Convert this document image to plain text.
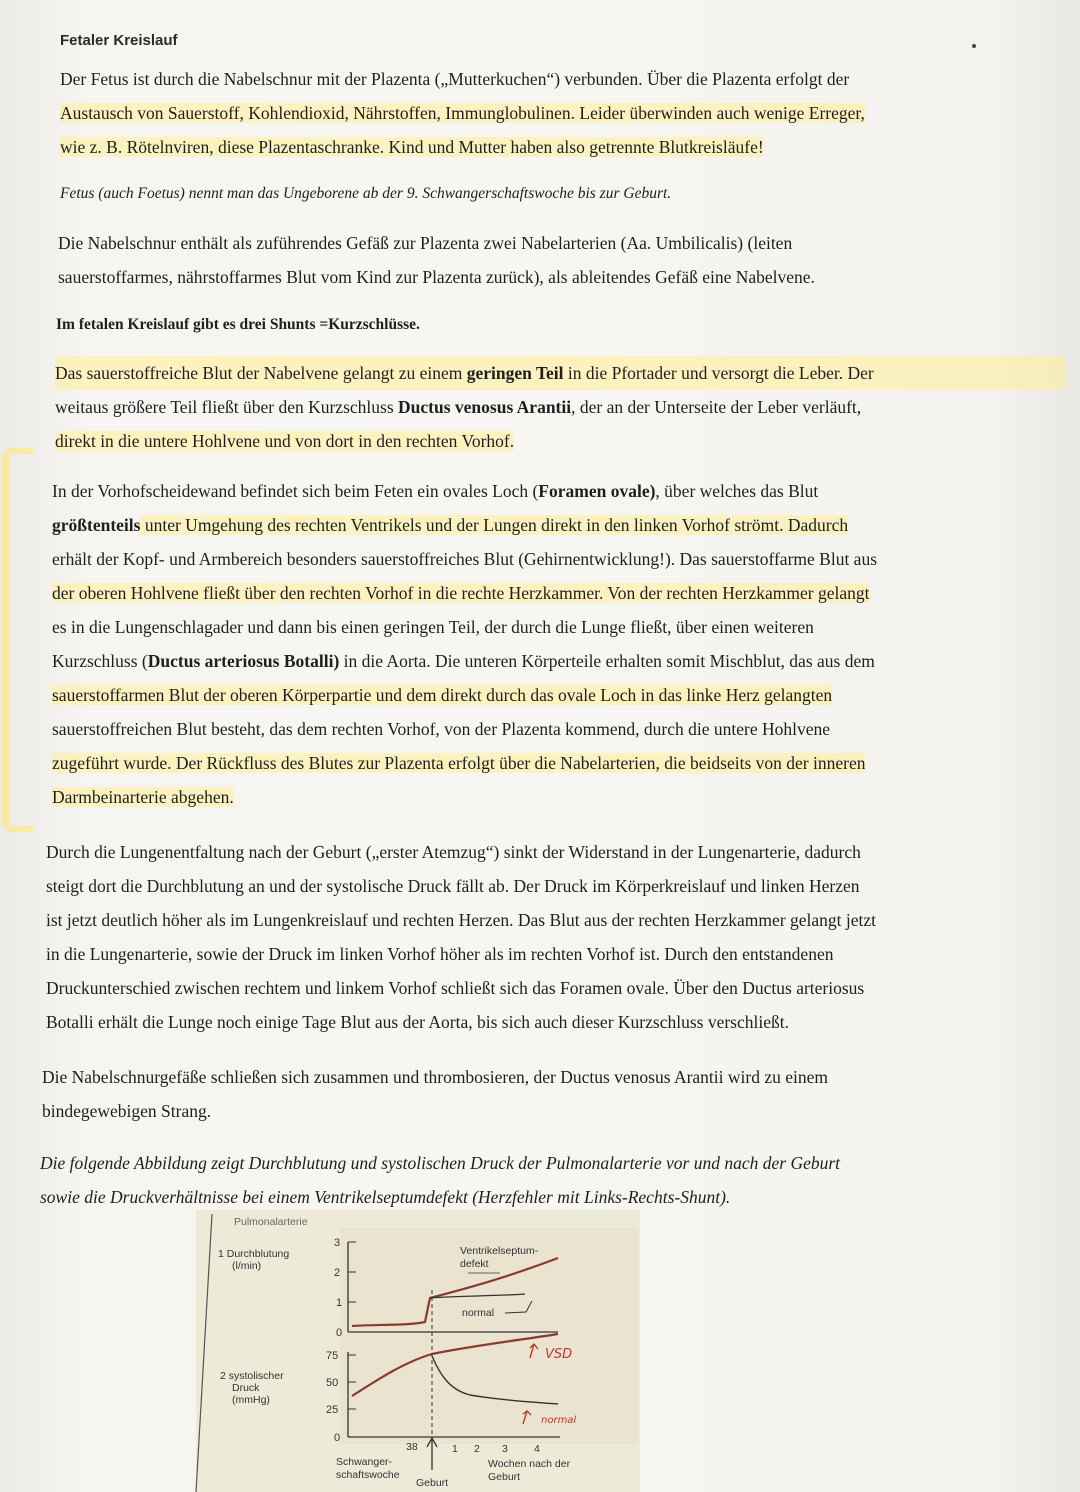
Fetaler Kreislauf

Der Fetus ist durch die Nabelschnur mit der Plazenta („Mutterkuchen“) verbunden. Über die Plazenta erfolgt der

Austausch von Sauerstoff, Kohlendioxid, Nährstoffen, Immunglobulinen. Leider überwinden auch wenige Erreger,

wie z. B. Rötelnviren, diese Plazentaschranke. Kind und Mutter haben also getrennte Blutkreisläufe!

Fetus (auch Foetus) nennt man das Ungeborene ab der 9. Schwangerschaftswoche bis zur Geburt.

Die Nabelschnur enthält als zuführendes Gefäß zur Plazenta zwei Nabelarterien (Aa. Umbilicalis) (leiten

sauerstoffarmes, nährstoffarmes Blut vom Kind zur Plazenta zurück), als ableitendes Gefäß eine Nabelvene.

Im fetalen Kreislauf gibt es drei Shunts =Kurzschlüsse.

Das sauerstoffreiche Blut der Nabelvene gelangt zu einem geringen Teil in die Pfortader und versorgt die Leber. Der

weitaus größere Teil fließt über den Kurzschluss Ductus venosus Arantii, der an der Unterseite der Leber verläuft,

direkt in die untere Hohlvene und von dort in den rechten Vorhof.

In der Vorhofscheidewand befindet sich beim Feten ein ovales Loch (Foramen ovale), über welches das Blut

größtenteils unter Umgehung des rechten Ventrikels und der Lungen direkt in den linken Vorhof strömt. Dadurch

erhält der Kopf- und Armbereich besonders sauerstoffreiches Blut (Gehirnentwicklung!). Das sauerstoffarme Blut aus

der oberen Hohlvene fließt über den rechten Vorhof in die rechte Herzkammer. Von der rechten Herzkammer gelangt

es in die Lungenschlagader und dann bis einen geringen Teil, der durch die Lunge fließt, über einen weiteren

Kurzschluss (Ductus arteriosus Botalli) in die Aorta. Die unteren Körperteile erhalten somit Mischblut, das aus dem

sauerstoffarmen Blut der oberen Körperpartie und dem direkt durch das ovale Loch in das linke Herz gelangten

sauerstoffreichen Blut besteht, das dem rechten Vorhof, von der Plazenta kommend, durch die untere Hohlvene

zugeführt wurde. Der Rückfluss des Blutes zur Plazenta erfolgt über die Nabelarterien, die beidseits von der inneren

Darmbeinarterie abgehen.

Durch die Lungenentfaltung nach der Geburt („erster Atemzug“) sinkt der Widerstand in der Lungenarterie, dadurch

steigt dort die Durchblutung an und der systolische Druck fällt ab. Der Druck im Körperkreislauf und linken Herzen

ist jetzt deutlich höher als im Lungenkreislauf und rechten Herzen. Das Blut aus der rechten Herzkammer gelangt jetzt

in die Lungenarterie, sowie der Druck im linken Vorhof höher als im rechten Vorhof ist. Durch den entstandenen

Druckunterschied zwischen rechtem und linkem Vorhof schließt sich das Foramen ovale. Über den Ductus arteriosus

Botalli erhält die Lunge noch einige Tage Blut aus der Aorta, bis sich auch dieser Kurzschluss verschließt.

Die Nabelschnurgefäße schließen sich zusammen und thrombosieren, der Ductus venosus Arantii wird zu einem

bindegewebigen Strang.

Die folgende Abbildung zeigt Durchblutung und systolischen Druck der Pulmonalarterie vor und nach der Geburt
sowie die Druckverhältnisse bei einem Ventrikelseptumdefekt (Herzfehler mit Links-Rechts-Shunt).
Pulmonalarterie
1 Durchblutung
(l/min)
2 systolischer
Druck
(mmHg)
3
2
1
0
Ventrikelseptum-
defekt
normal
75
50
25
0
VSD
normal
38	1 2 3 4
Schwanger-
schaftswoche
Geburt
Wochen nach der
Geburt
